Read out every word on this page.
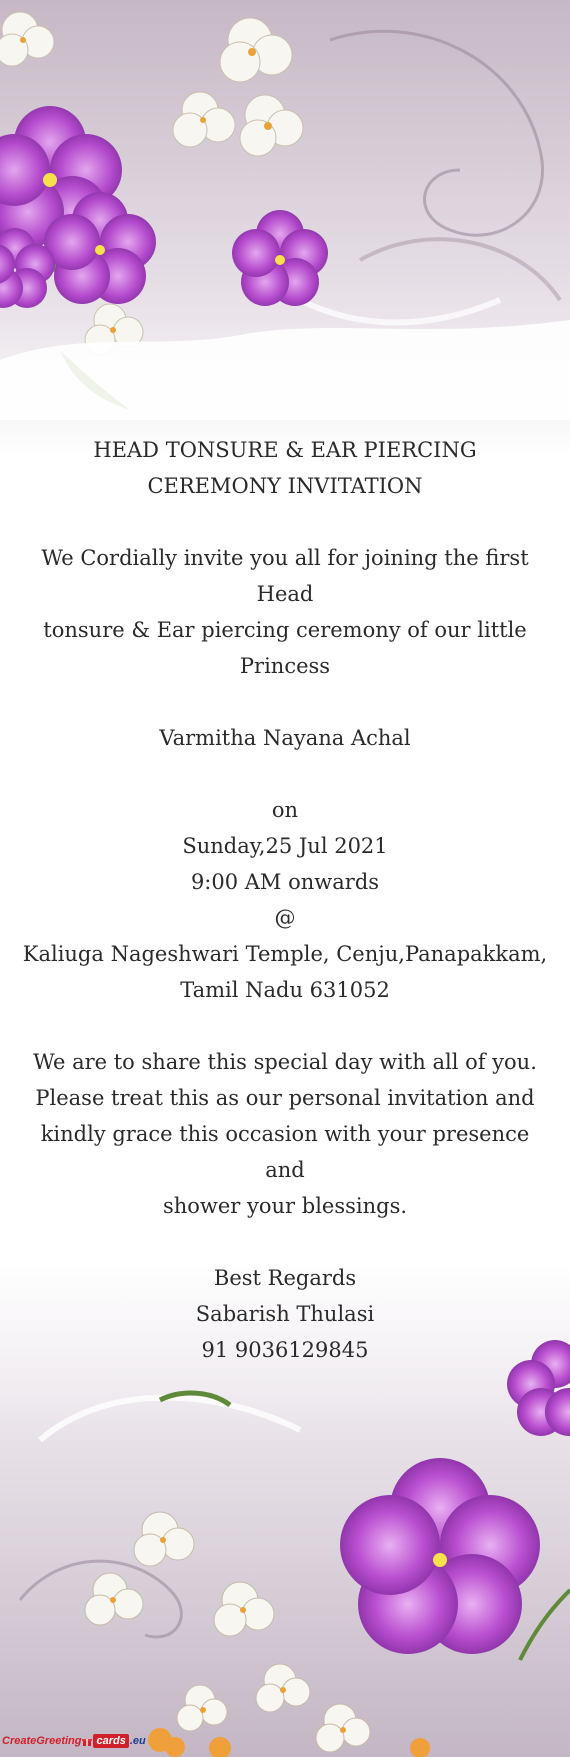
HEAD TONSURE & EAR PIERCING

CEREMONY INVITATION

We Cordially invite you all for joining the first Head

tonsure & Ear piercing ceremony of our little

Princess

Varmitha Nayana Achal

on

Sunday,25 Jul 2021

9:00 AM onwards

@

Kaliuga Nageshwari Temple, Cenju,Panapakkam,

Tamil Nadu 631052

We are to share this special day with all of you.

Please treat this as our personal invitation and

kindly grace this occasion with your presence and

shower your blessings.

Best Regards

Sabarish Thulasi

91 9036129845

CreateGreeting cards .eu
